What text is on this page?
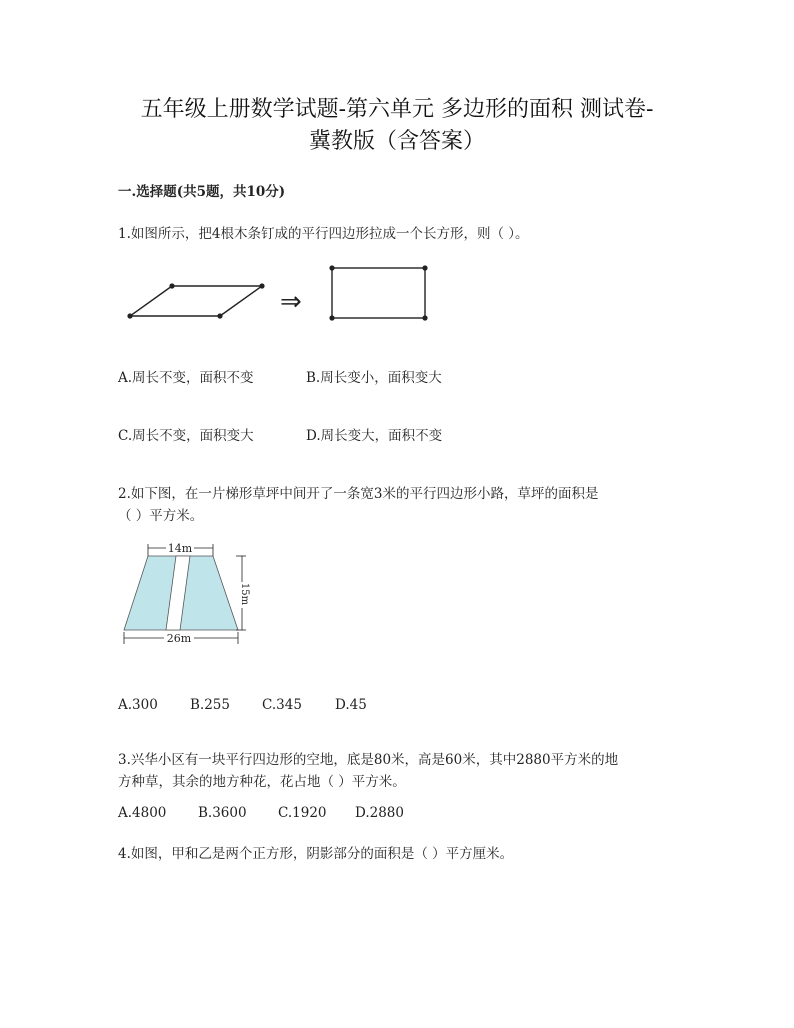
五年级上册数学试题-第六单元 多边形的面积 测试卷-
冀教版（含答案）
一.选择题(共5题，共10分)
1.如图所示，把4根木条钉成的平行四边形拉成一个长方形，则（ ）。
⇒
A.周长不变，面积不变	B.周长变小，面积变大
C.周长不变，面积变大	D.周长变大，面积不变
2.如下图，在一片梯形草坪中间开了一条宽3米的平行四边形小路，草坪的面积是
（ ）平方米。
14m
26m
15m
A.300 B.255 C.345 D.45
3.兴华小区有一块平行四边形的空地，底是80米，高是60米，其中2880平方米的地
方种草，其余的地方种花，花占地（ ）平方米。
A.4800 B.3600 C.1920 D.2880
4.如图，甲和乙是两个正方形，阴影部分的面积是（ ）平方厘米。
